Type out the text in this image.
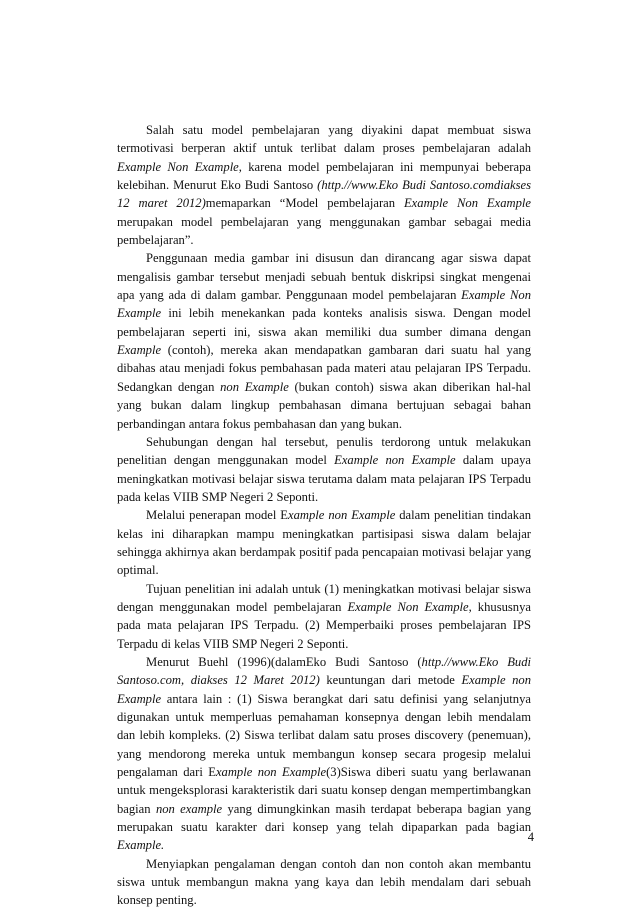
Salah satu model pembelajaran yang diyakini dapat membuat siswa termotivasi berperan aktif untuk terlibat dalam proses pembelajaran adalah Example Non Example, karena model pembelajaran ini mempunyai beberapa kelebihan. Menurut Eko Budi Santoso (http.//www.Eko Budi Santoso.comdiakses 12 maret 2012)memaparkan “Model pembelajaran Example Non Example merupakan model pembelajaran yang menggunakan gambar sebagai media pembelajaran”.

Penggunaan media gambar ini disusun dan dirancang agar siswa dapat mengalisis gambar tersebut menjadi sebuah bentuk diskripsi singkat mengenai apa yang ada di dalam gambar. Penggunaan model pembelajaran Example Non Example ini lebih menekankan pada konteks analisis siswa. Dengan model pembelajaran seperti ini, siswa akan memiliki dua sumber dimana dengan Example (contoh), mereka akan mendapatkan gambaran dari suatu hal yang dibahas atau menjadi fokus pembahasan pada materi atau pelajaran IPS Terpadu. Sedangkan dengan non Example (bukan contoh) siswa akan diberikan hal-hal yang bukan dalam lingkup pembahasan dimana bertujuan sebagai bahan perbandingan antara fokus pembahasan dan yang bukan.

Sehubungan dengan hal tersebut, penulis terdorong untuk melakukan penelitian dengan menggunakan model Example non Example dalam upaya meningkatkan motivasi belajar siswa terutama dalam mata pelajaran IPS Terpadu pada kelas VIIB SMP Negeri 2 Seponti.

Melalui penerapan model Example non Example dalam penelitian tindakan kelas ini diharapkan mampu meningkatkan partisipasi siswa dalam belajar sehingga akhirnya akan berdampak positif pada pencapaian motivasi belajar yang optimal.

Tujuan penelitian ini adalah untuk (1) meningkatkan motivasi belajar siswa dengan menggunakan model pembelajaran Example Non Example, khususnya pada mata pelajaran IPS Terpadu. (2) Memperbaiki proses pembelajaran IPS Terpadu di kelas VIIB SMP Negeri 2 Seponti.

Menurut Buehl (1996)(dalamEko Budi Santoso (http.//www.Eko Budi Santoso.com, diakses 12 Maret 2012) keuntungan dari metode Example non Example antara lain : (1) Siswa berangkat dari satu definisi yang selanjutnya digunakan untuk memperluas pemahaman konsepnya dengan lebih mendalam dan lebih kompleks. (2) Siswa terlibat dalam satu proses discovery (penemuan), yang mendorong mereka untuk membangun konsep secara progesip melalui pengalaman dari Example non Example(3)Siswa diberi suatu yang berlawanan untuk mengeksplorasi karakteristik dari suatu konsep dengan mempertimbangkan bagian non example yang dimungkinkan masih terdapat beberapa bagian yang merupakan suatu karakter dari konsep yang telah dipaparkan pada bagian Example.

Menyiapkan pengalaman dengan contoh dan non contoh akan membantu siswa untuk membangun makna yang kaya dan lebih mendalam dari sebuah konsep penting.

4
